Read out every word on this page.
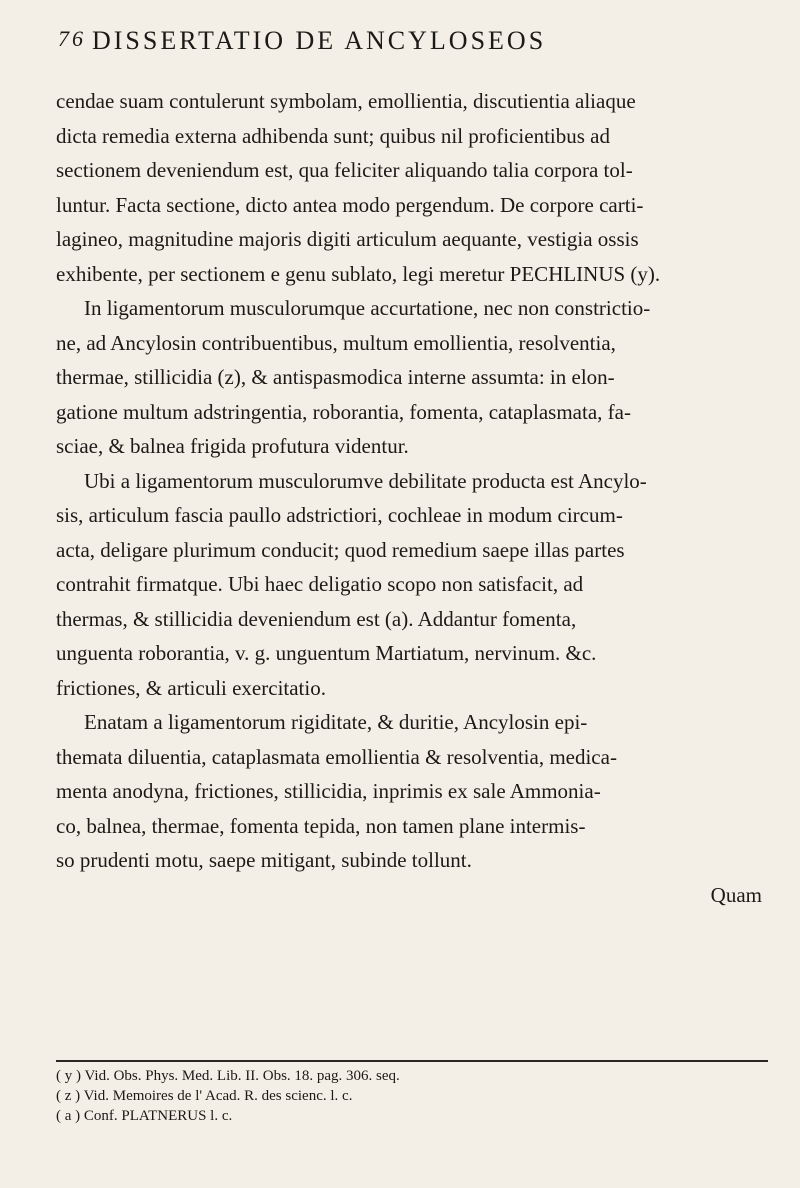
76 DISSERTATIO DE ANCYLOSEOS

cendae suam contulerunt symbolam, emollientia, discutientia aliaque
dicta remedia externa adhibenda sunt; quibus nil proficientibus ad
sectionem deveniendum est, qua feliciter aliquando talia corpora tol-
luntur. Facta sectione, dicto antea modo pergendum. De corpore carti-
lagineo, magnitudine majoris digiti articulum aequante, vestigia ossis
exhibente, per sectionem e genu sublato, legi meretur PECHLINUS (y).

In ligamentorum musculorumque accurtatione, nec non constrictio-
ne, ad Ancylosin contribuentibus, multum emollientia, resolventia,
thermae, stillicidia (z), & antispasmodica interne assumta: in elon-
gatione multum adstringentia, roborantia, fomenta, cataplasmata, fa-
sciae, & balnea frigida profutura videntur.

Ubi a ligamentorum musculorumve debilitate producta est Ancylo-
sis, articulum fascia paullo adstrictiori, cochleae in modum circum-
acta, deligare plurimum conducit; quod remedium saepe illas partes
contrahit firmatque. Ubi haec deligatio scopo non satisfacit, ad
thermas, & stillicidia deveniendum est (a). Addantur fomenta,
unguenta roborantia, v. g. unguentum Martiatum, nervinum. &c.
frictiones, & articuli exercitatio.

Enatam a ligamentorum rigiditate, & duritie, Ancylosin epi-
themata diluentia, cataplasmata emollientia & resolventia, medica-
menta anodyna, frictiones, stillicidia, inprimis ex sale Ammonia-
co, balnea, thermae, fomenta tepida, non tamen plane intermis-
so prudenti motu, saepe mitigant, subinde tollunt.

Quam

( y ) Vid. Obs. Phys. Med. Lib. II. Obs. 18. pag. 306. seq.
( z ) Vid. Memoires de l' Acad. R. des scienc. l. c.
( a ) Conf. PLATNERUS l. c.
